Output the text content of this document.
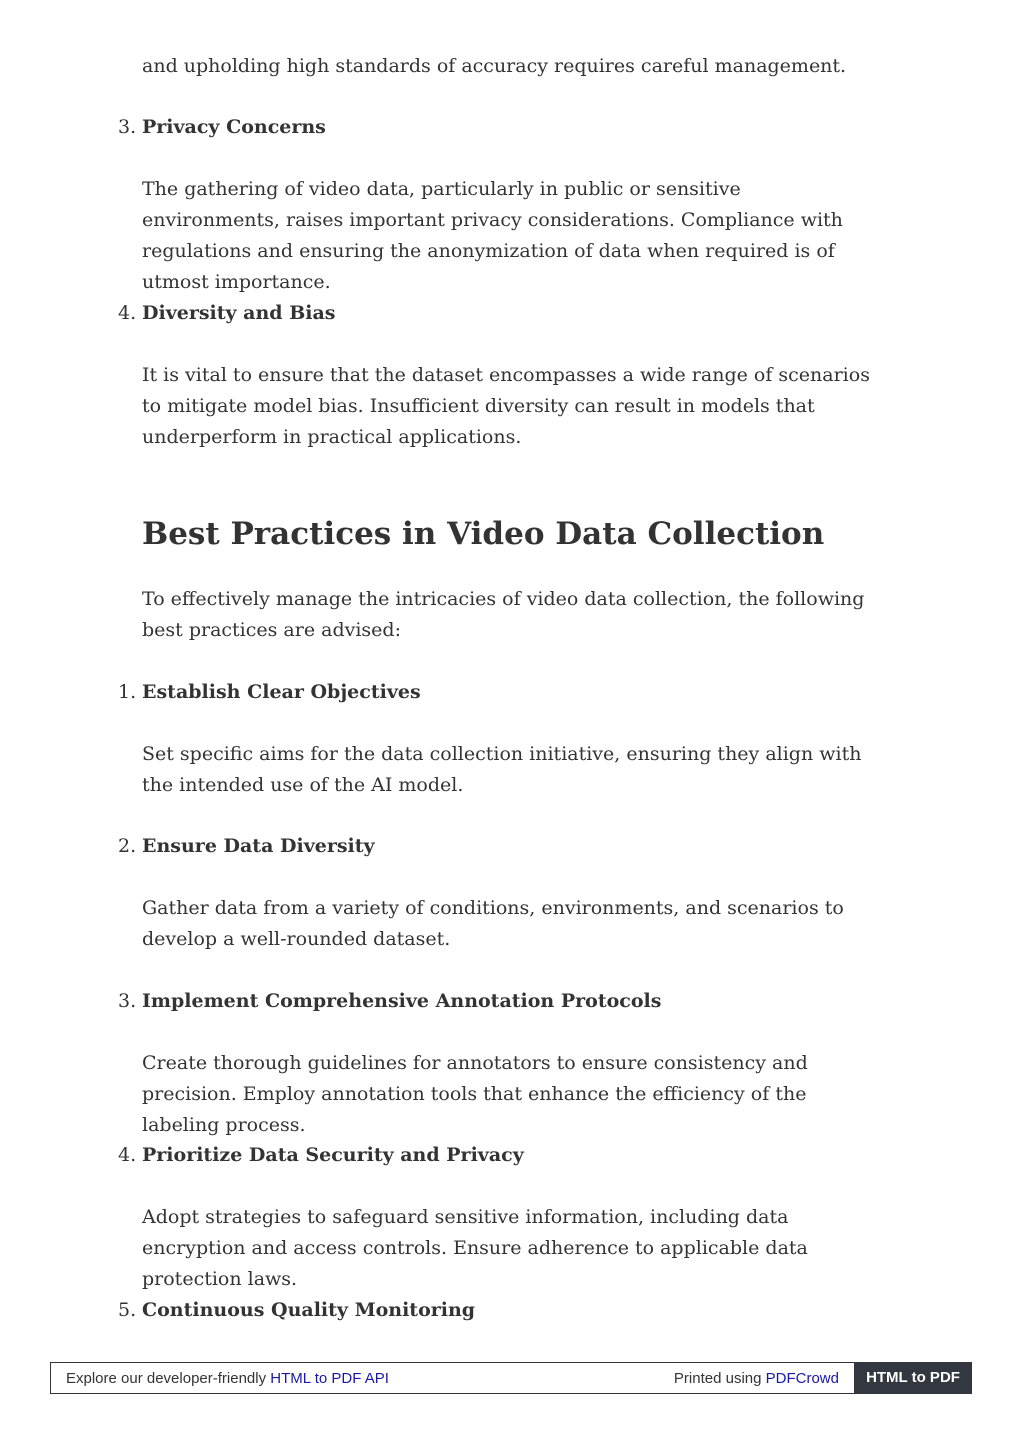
and upholding high standards of accuracy requires careful management.

3. Privacy Concerns

The gathering of video data, particularly in public or sensitive environments, raises important privacy considerations. Compliance with regulations and ensuring the anonymization of data when required is of utmost importance.

4. Diversity and Bias

It is vital to ensure that the dataset encompasses a wide range of scenarios to mitigate model bias. Insufficient diversity can result in models that underperform in practical applications.

Best Practices in Video Data Collection

To effectively manage the intricacies of video data collection, the following best practices are advised:

1. Establish Clear Objectives

Set specific aims for the data collection initiative, ensuring they align with the intended use of the AI model.

2. Ensure Data Diversity

Gather data from a variety of conditions, environments, and scenarios to develop a well-rounded dataset.

3. Implement Comprehensive Annotation Protocols

Create thorough guidelines for annotators to ensure consistency and precision. Employ annotation tools that enhance the efficiency of the labeling process.

4. Prioritize Data Security and Privacy

Adopt strategies to safeguard sensitive information, including data encryption and access controls. Ensure adherence to applicable data protection laws.

5. Continuous Quality Monitoring

Explore our developer-friendly HTML to PDF API	Printed using PDFCrowd	HTML to PDF
